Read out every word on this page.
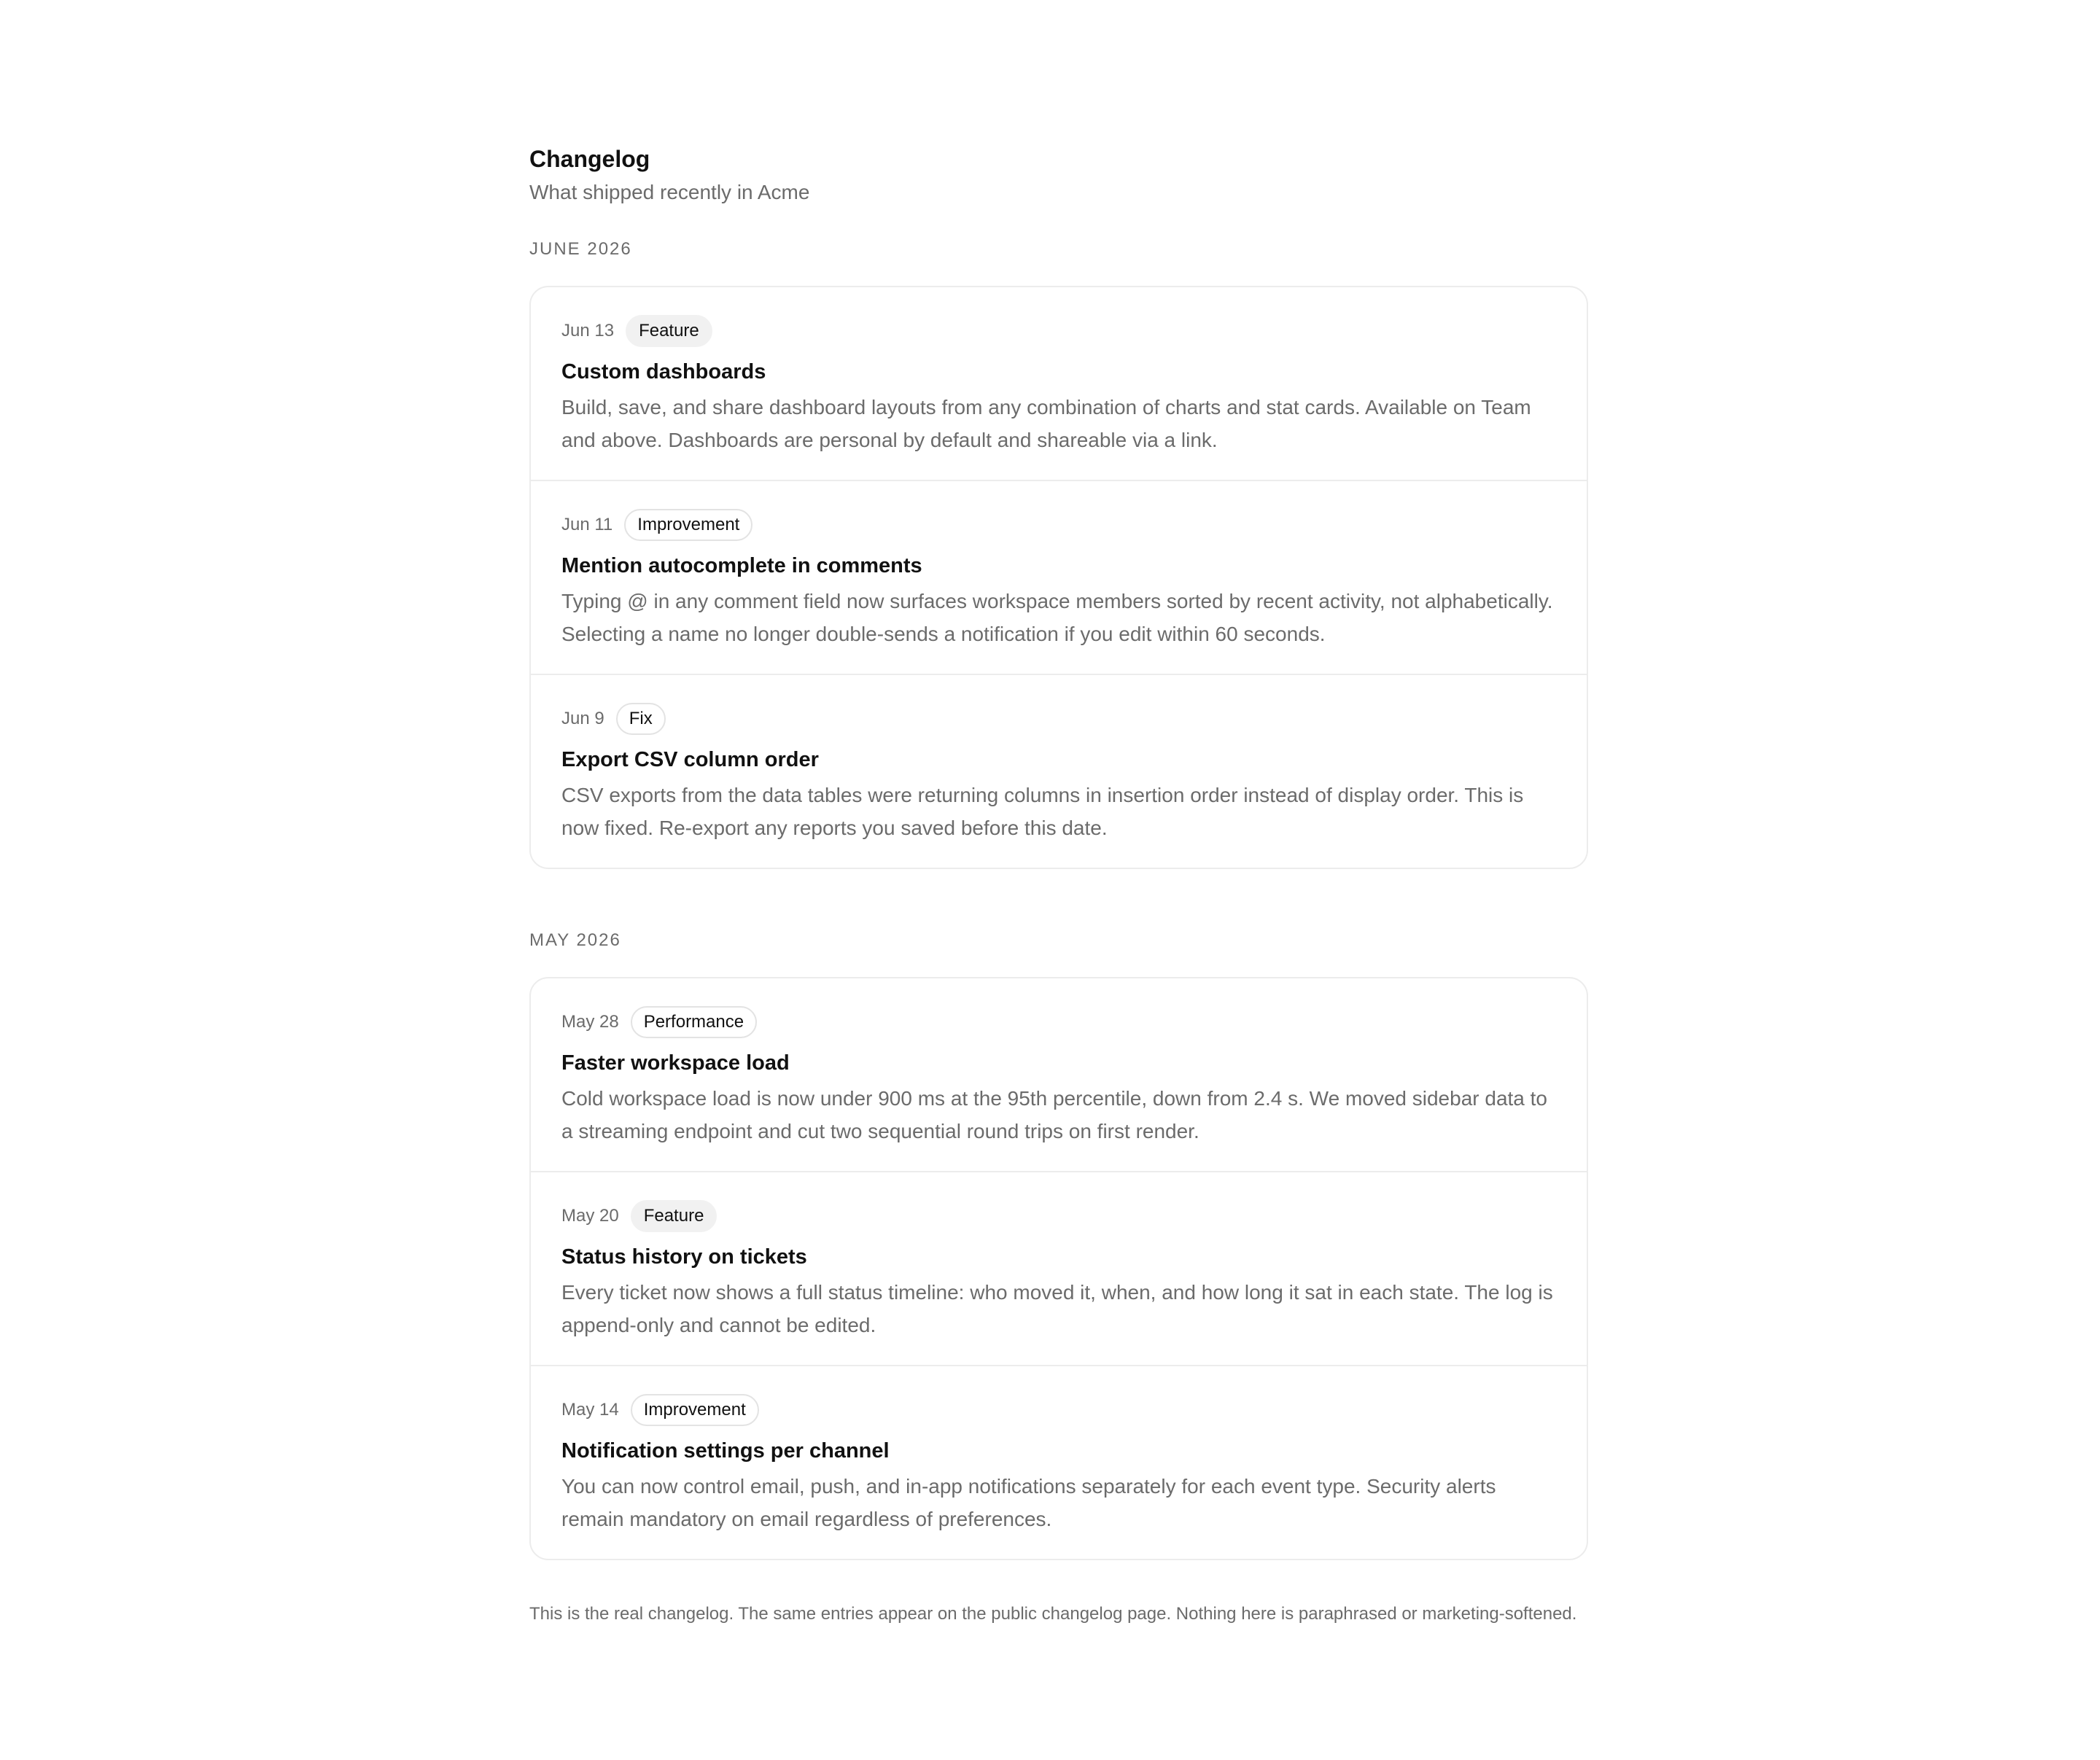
Changelog
What shipped recently in Acme
JUNE 2026
Jun 13	Feature
Custom dashboards
Build, save, and share dashboard layouts from any combination of charts and stat cards. Available on Team and above. Dashboards are personal by default and shareable via a link.
Jun 11	Improvement
Mention autocomplete in comments
Typing @ in any comment field now surfaces workspace members sorted by recent activity, not alphabetically. Selecting a name no longer double-sends a notification if you edit within 60 seconds.
Jun 9	Fix
Export CSV column order
CSV exports from the data tables were returning columns in insertion order instead of display order. This is now fixed. Re-export any reports you saved before this date.
MAY 2026
May 28	Performance
Faster workspace load
Cold workspace load is now under 900 ms at the 95th percentile, down from 2.4 s. We moved sidebar data to a streaming endpoint and cut two sequential round trips on first render.
May 20	Feature
Status history on tickets
Every ticket now shows a full status timeline: who moved it, when, and how long it sat in each state. The log is append-only and cannot be edited.
May 14	Improvement
Notification settings per channel
You can now control email, push, and in-app notifications separately for each event type. Security alerts remain mandatory on email regardless of preferences.
This is the real changelog. The same entries appear on the public changelog page. Nothing here is paraphrased or marketing-softened.
